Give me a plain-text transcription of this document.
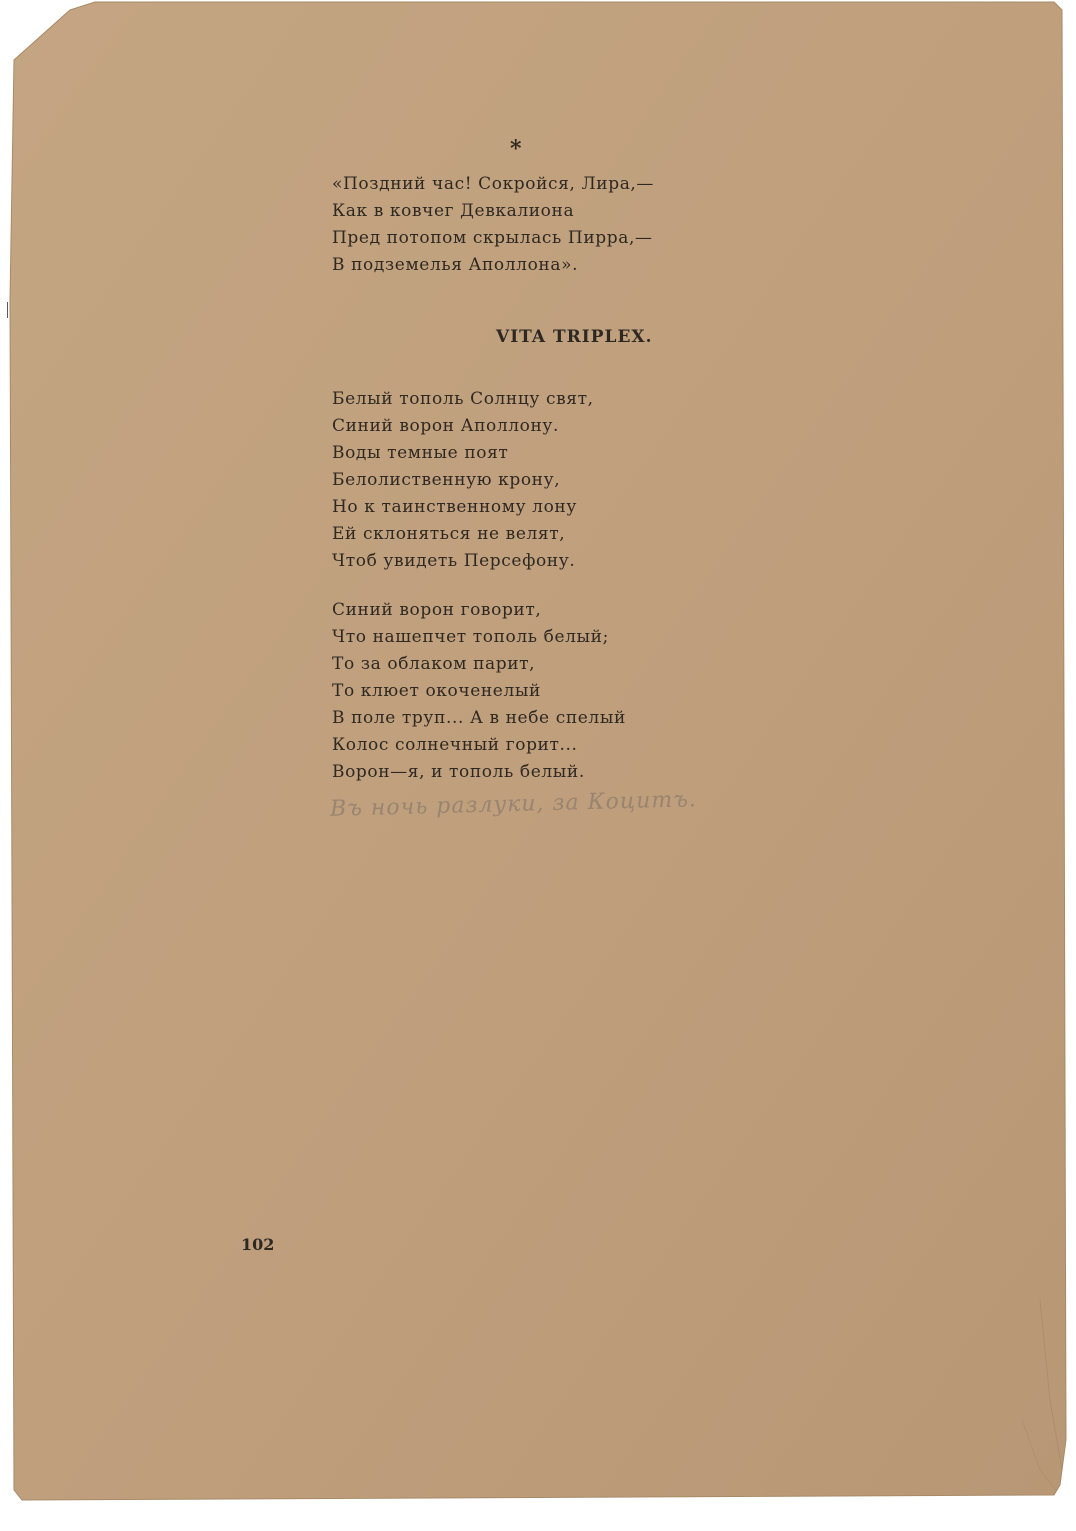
*
«Поздний час! Сокройся, Лира,—
Как в ковчег Девкалиона
Пред потопом скрылась Пирра,—
В подземелья Аполлона».
VITA TRIPLEX.
Белый тополь Солнцу свят,
Синий ворон Аполлону.
Воды темные поят
Белолиственную крону,
Но к таинственному лону
Ей склоняться не велят,
Чтоб увидеть Персефону.
Синий ворон говорит,
Что нашепчет тополь белый;
То за облаком парит,
То клюет окоченелый
В поле труп... А в небе спелый
Колос солнечный горит...
Ворон—я, и тополь белый.
Въ ночь разлуки, за Коцитъ.
102
